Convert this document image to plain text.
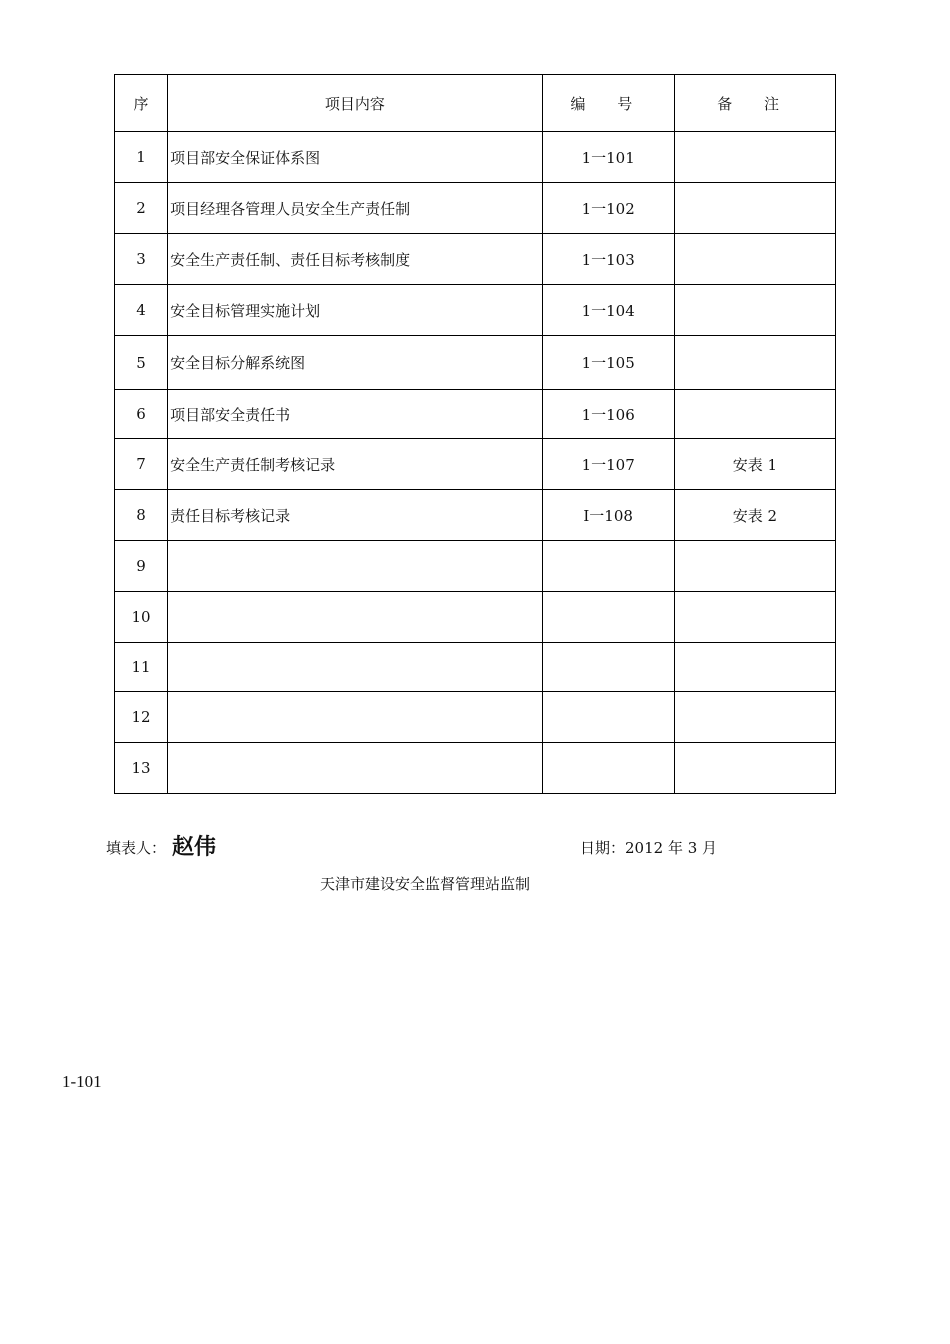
序	项目内容	编 号	备 注
1	项目部安全保证体系图	1一101	
2	项目经理各管理人员安全生产责任制	1一102	
3	安全生产责任制、责任目标考核制度	1一103	
4	安全目标管理实施计划	1一104	
5	安全目标分解系统图	1一105	
6	项目部安全责任书	1一106	
7	安全生产责任制考核记录	1一107	安表 1
8	责任目标考核记录	I一108	安表 2
9			
10			
11			
12			
13			
填表人： 赵伟	日期：2012 年 3 月
天津市建设安全监督管理站监制
1-101
